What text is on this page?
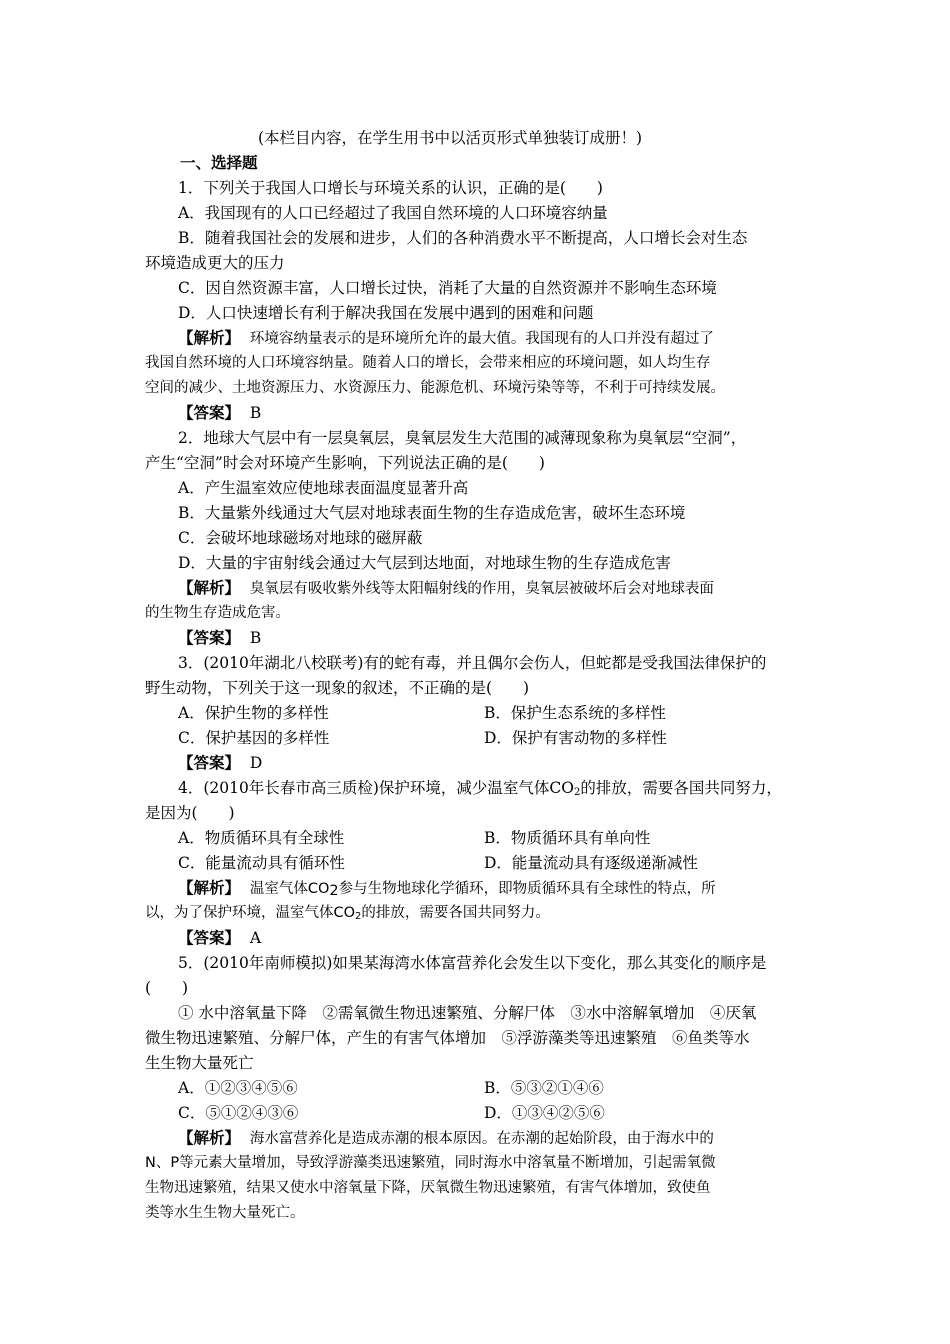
(本栏目内容，在学生用书中以活页形式单独装订成册！)
一、选择题
1．下列关于我国人口增长与环境关系的认识，正确的是(　　)
A．我国现有的人口已经超过了我国自然环境的人口环境容纳量
B．随着我国社会的发展和进步，人们的各种消费水平不断提高，人口增长会对生态
环境造成更大的压力
C．因自然资源丰富，人口增长过快，消耗了大量的自然资源并不影响生态环境
D．人口快速增长有利于解决我国在发展中遇到的困难和问题
【解析】 环境容纳量表示的是环境所允许的最大值。我国现有的人口并没有超过了
我国自然环境的人口环境容纳量。随着人口的增长，会带来相应的环境问题，如人均生存
空间的减少、土地资源压力、水资源压力、能源危机、环境污染等等，不利于可持续发展。
【答案】 B
2．地球大气层中有一层臭氧层，臭氧层发生大范围的减薄现象称为臭氧层“空洞”，
产生“空洞”时会对环境产生影响，下列说法正确的是(　　)
A．产生温室效应使地球表面温度显著升高
B．大量紫外线通过大气层对地球表面生物的生存造成危害，破坏生态环境
C．会破坏地球磁场对地球的磁屏蔽
D．大量的宇宙射线会通过大气层到达地面，对地球生物的生存造成危害
【解析】 臭氧层有吸收紫外线等太阳幅射线的作用，臭氧层被破坏后会对地球表面
的生物生存造成危害。
【答案】 B
3．(2010年湖北八校联考)有的蛇有毒，并且偶尔会伤人，但蛇都是受我国法律保护的
野生动物，下列关于这一现象的叙述，不正确的是(　　)
A．保护生物的多样性	B．保护生态系统的多样性
C．保护基因的多样性	D．保护有害动物的多样性
【答案】 D
4．(2010年长春市高三质检)保护环境，减少温室气体$CO_2$的排放，需要各国共同努力，
是因为(　　)
A．物质循环具有全球性	B．物质循环具有单向性
C．能量流动具有循环性	D．能量流动具有逐级递渐减性
【解析】 温室气体$CO_2$参与生物地球化学循环，即物质循环具有全球性的特点，所
以，为了保护环境，温室气体$CO_2$的排放，需要各国共同努力。
【答案】 A
5．(2010年南师模拟)如果某海湾水体富营养化会发生以下变化，那么其变化的顺序是
(　　)
① 水中溶氧量下降　②需氧微生物迅速繁殖、分解尸体　③水中溶解氧增加　④厌氧
微生物迅速繁殖、分解尸体，产生的有害气体增加　⑤浮游藻类等迅速繁殖　⑥鱼类等水
生生物大量死亡
A．①②③④⑤⑥	B．⑤③②①④⑥
C．⑤①②④③⑥	D．①③④②⑤⑥
【解析】 海水富营养化是造成赤潮的根本原因。在赤潮的起始阶段，由于海水中的
N、P等元素大量增加，导致浮游藻类迅速繁殖，同时海水中溶氧量不断增加，引起需氧微
生物迅速繁殖，结果又使水中溶氧量下降，厌氧微生物迅速繁殖，有害气体增加，致使鱼
类等水生生物大量死亡。
